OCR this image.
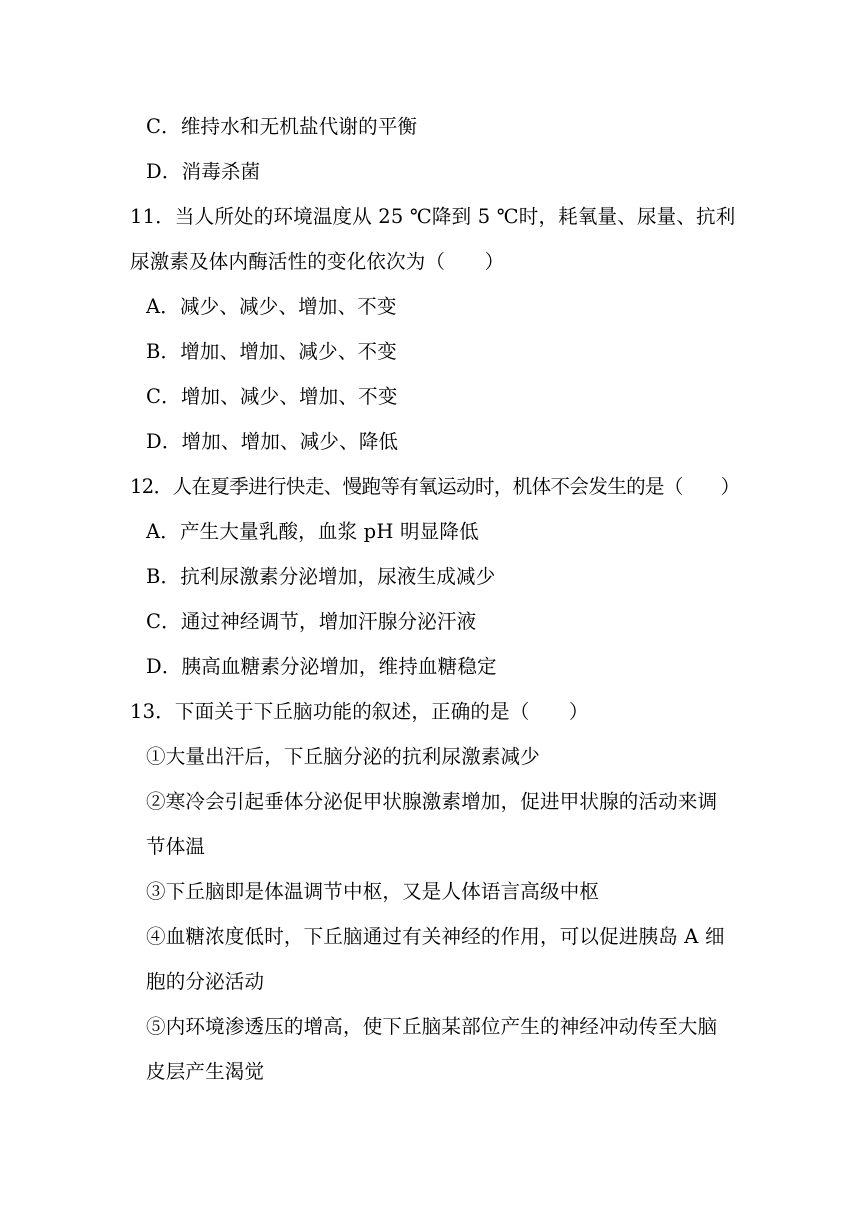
C．维持水和无机盐代谢的平衡
D．消毒杀菌
11．当人所处的环境温度从 25 ℃降到 5 ℃时，耗氧量、尿量、抗利
尿激素及体内酶活性的变化依次为（　　）
A．减少、减少、增加、不变
B．增加、增加、减少、不变
C．增加、减少、增加、不变
D．增加、增加、减少、降低
12．人在夏季进行快走、慢跑等有氧运动时，机体不会发生的是（　　）
A．产生大量乳酸，血浆 pH 明显降低
B．抗利尿激素分泌增加，尿液生成减少
C．通过神经调节，增加汗腺分泌汗液
D．胰高血糖素分泌增加，维持血糖稳定
13．下面关于下丘脑功能的叙述，正确的是（　　）
①大量出汗后，下丘脑分泌的抗利尿激素减少
②寒冷会引起垂体分泌促甲状腺激素增加，促进甲状腺的活动来调
节体温
③下丘脑即是体温调节中枢，又是人体语言高级中枢
④血糖浓度低时，下丘脑通过有关神经的作用，可以促进胰岛 A 细
胞的分泌活动
⑤内环境渗透压的增高，使下丘脑某部位产生的神经冲动传至大脑
皮层产生渴觉
